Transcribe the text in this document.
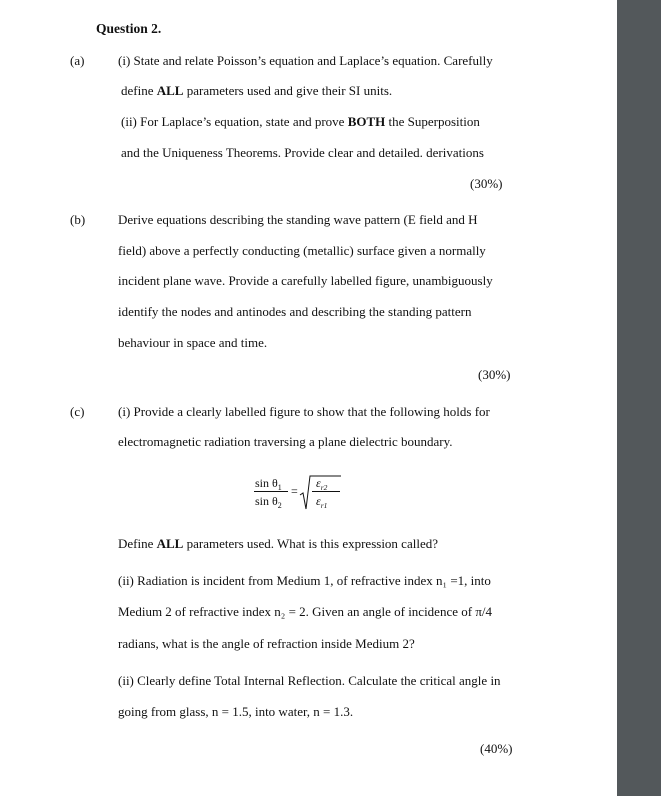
Question 2.
(a)	(i) State and relate Poisson’s equation and Laplace’s equation. Carefully
define ALL parameters used and give their SI units.
(ii) For Laplace’s equation, state and prove BOTH the Superposition
and the Uniqueness Theorems. Provide clear and detailed. derivations
(30%)
(b)	Derive equations describing the standing wave pattern (E field and H
field) above a perfectly conducting (metallic) surface given a normally
incident plane wave. Provide a carefully labelled figure, unambiguously
identify the nodes and antinodes and describing the standing pattern
behaviour in space and time.
(30%)
(c)	(i) Provide a clearly labelled figure to show that the following holds for
electromagnetic radiation traversing a plane dielectric boundary.
$\sin \theta_1$
$\sin \theta_2$
=
$\varepsilon_{r2}$
$\varepsilon_{r1}$
Define ALL parameters used. What is this expression called?
(ii) Radiation is incident from Medium 1, of refractive index n₁ =1, into
Medium 2 of refractive index n₂ = 2. Given an angle of incidence of π/4
radians, what is the angle of refraction inside Medium 2?
(ii) Clearly define Total Internal Reflection. Calculate the critical angle in
going from glass, n = 1.5, into water, n = 1.3.
(40%)
